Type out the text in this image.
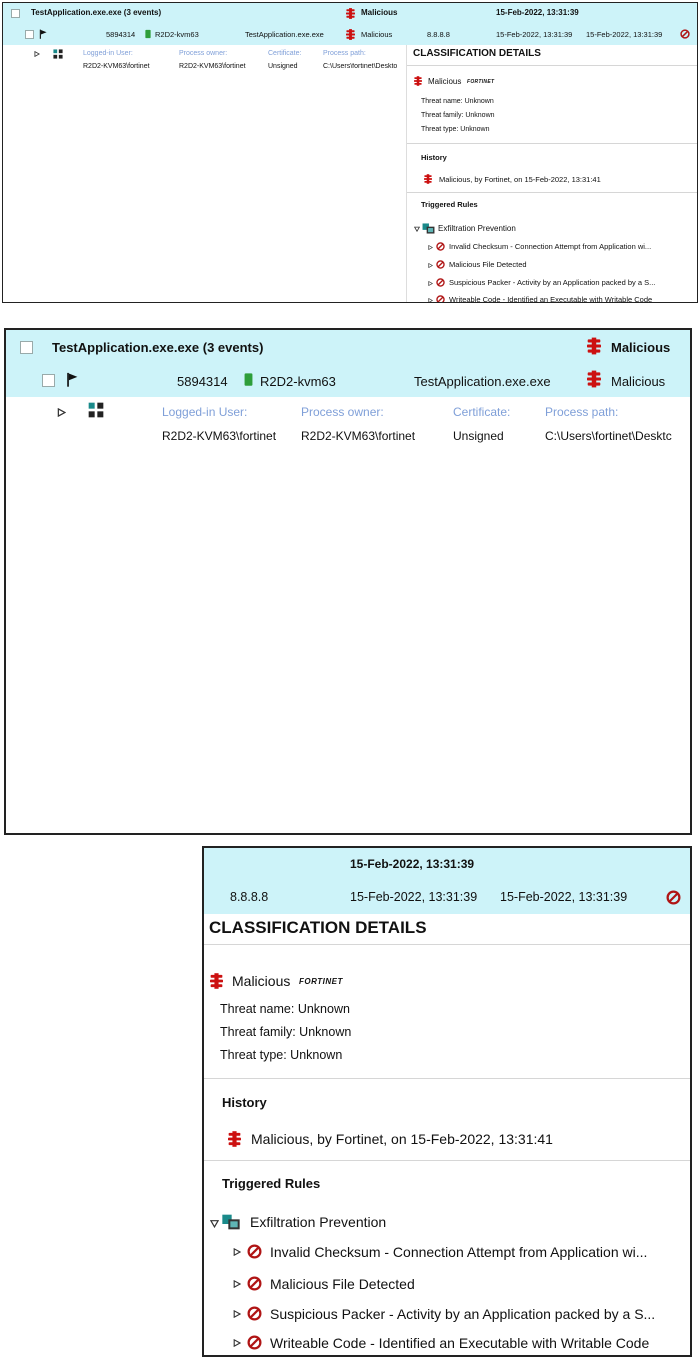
TestApplication.exe.exe (3 events)	Malicious	15-Feb-2022, 13:31:39
5894314	R2D2-kvm63	TestApplication.exe.exe	Malicious	8.8.8.8	15-Feb-2022, 13:31:39 15-Feb-2022, 13:31:39
Logged-in User:	Process owner:	Certificate:	Process path:
R2D2-KVM63\fortinet	R2D2-KVM63\fortinet	Unsigned	C:\Users\fortinet\Deskto
CLASSIFICATION DETAILS
Malicious FORTINET
Threat name: Unknown
Threat family: Unknown
Threat type: Unknown
History
Malicious, by Fortinet, on 15-Feb-2022, 13:31:41
Triggered Rules
Exfiltration Prevention
Invalid Checksum - Connection Attempt from Application wi...
Malicious File Detected
Suspicious Packer - Activity by an Application packed by a S...
Writeable Code - Identified an Executable with Writable Code
TestApplication.exe.exe (3 events)	Malicious
5894314 R2D2-kvm63	TestApplication.exe.exe	Malicious
Logged-in User:	Process owner:	Certificate:	Process path:
R2D2-KVM63\fortinet R2D2-KVM63\fortinet	Unsigned	C:\Users\fortinet\Desktc
15-Feb-2022, 13:31:39
8.8.8.8	15-Feb-2022, 13:31:39 15-Feb-2022, 13:31:39
CLASSIFICATION DETAILS
Malicious FORTINET
Threat name: Unknown
Threat family: Unknown
Threat type: Unknown
History
Malicious, by Fortinet, on 15-Feb-2022, 13:31:41
Triggered Rules
Exfiltration Prevention
Invalid Checksum - Connection Attempt from Application wi...
Malicious File Detected
Suspicious Packer - Activity by an Application packed by a S...
Writeable Code - Identified an Executable with Writable Code
